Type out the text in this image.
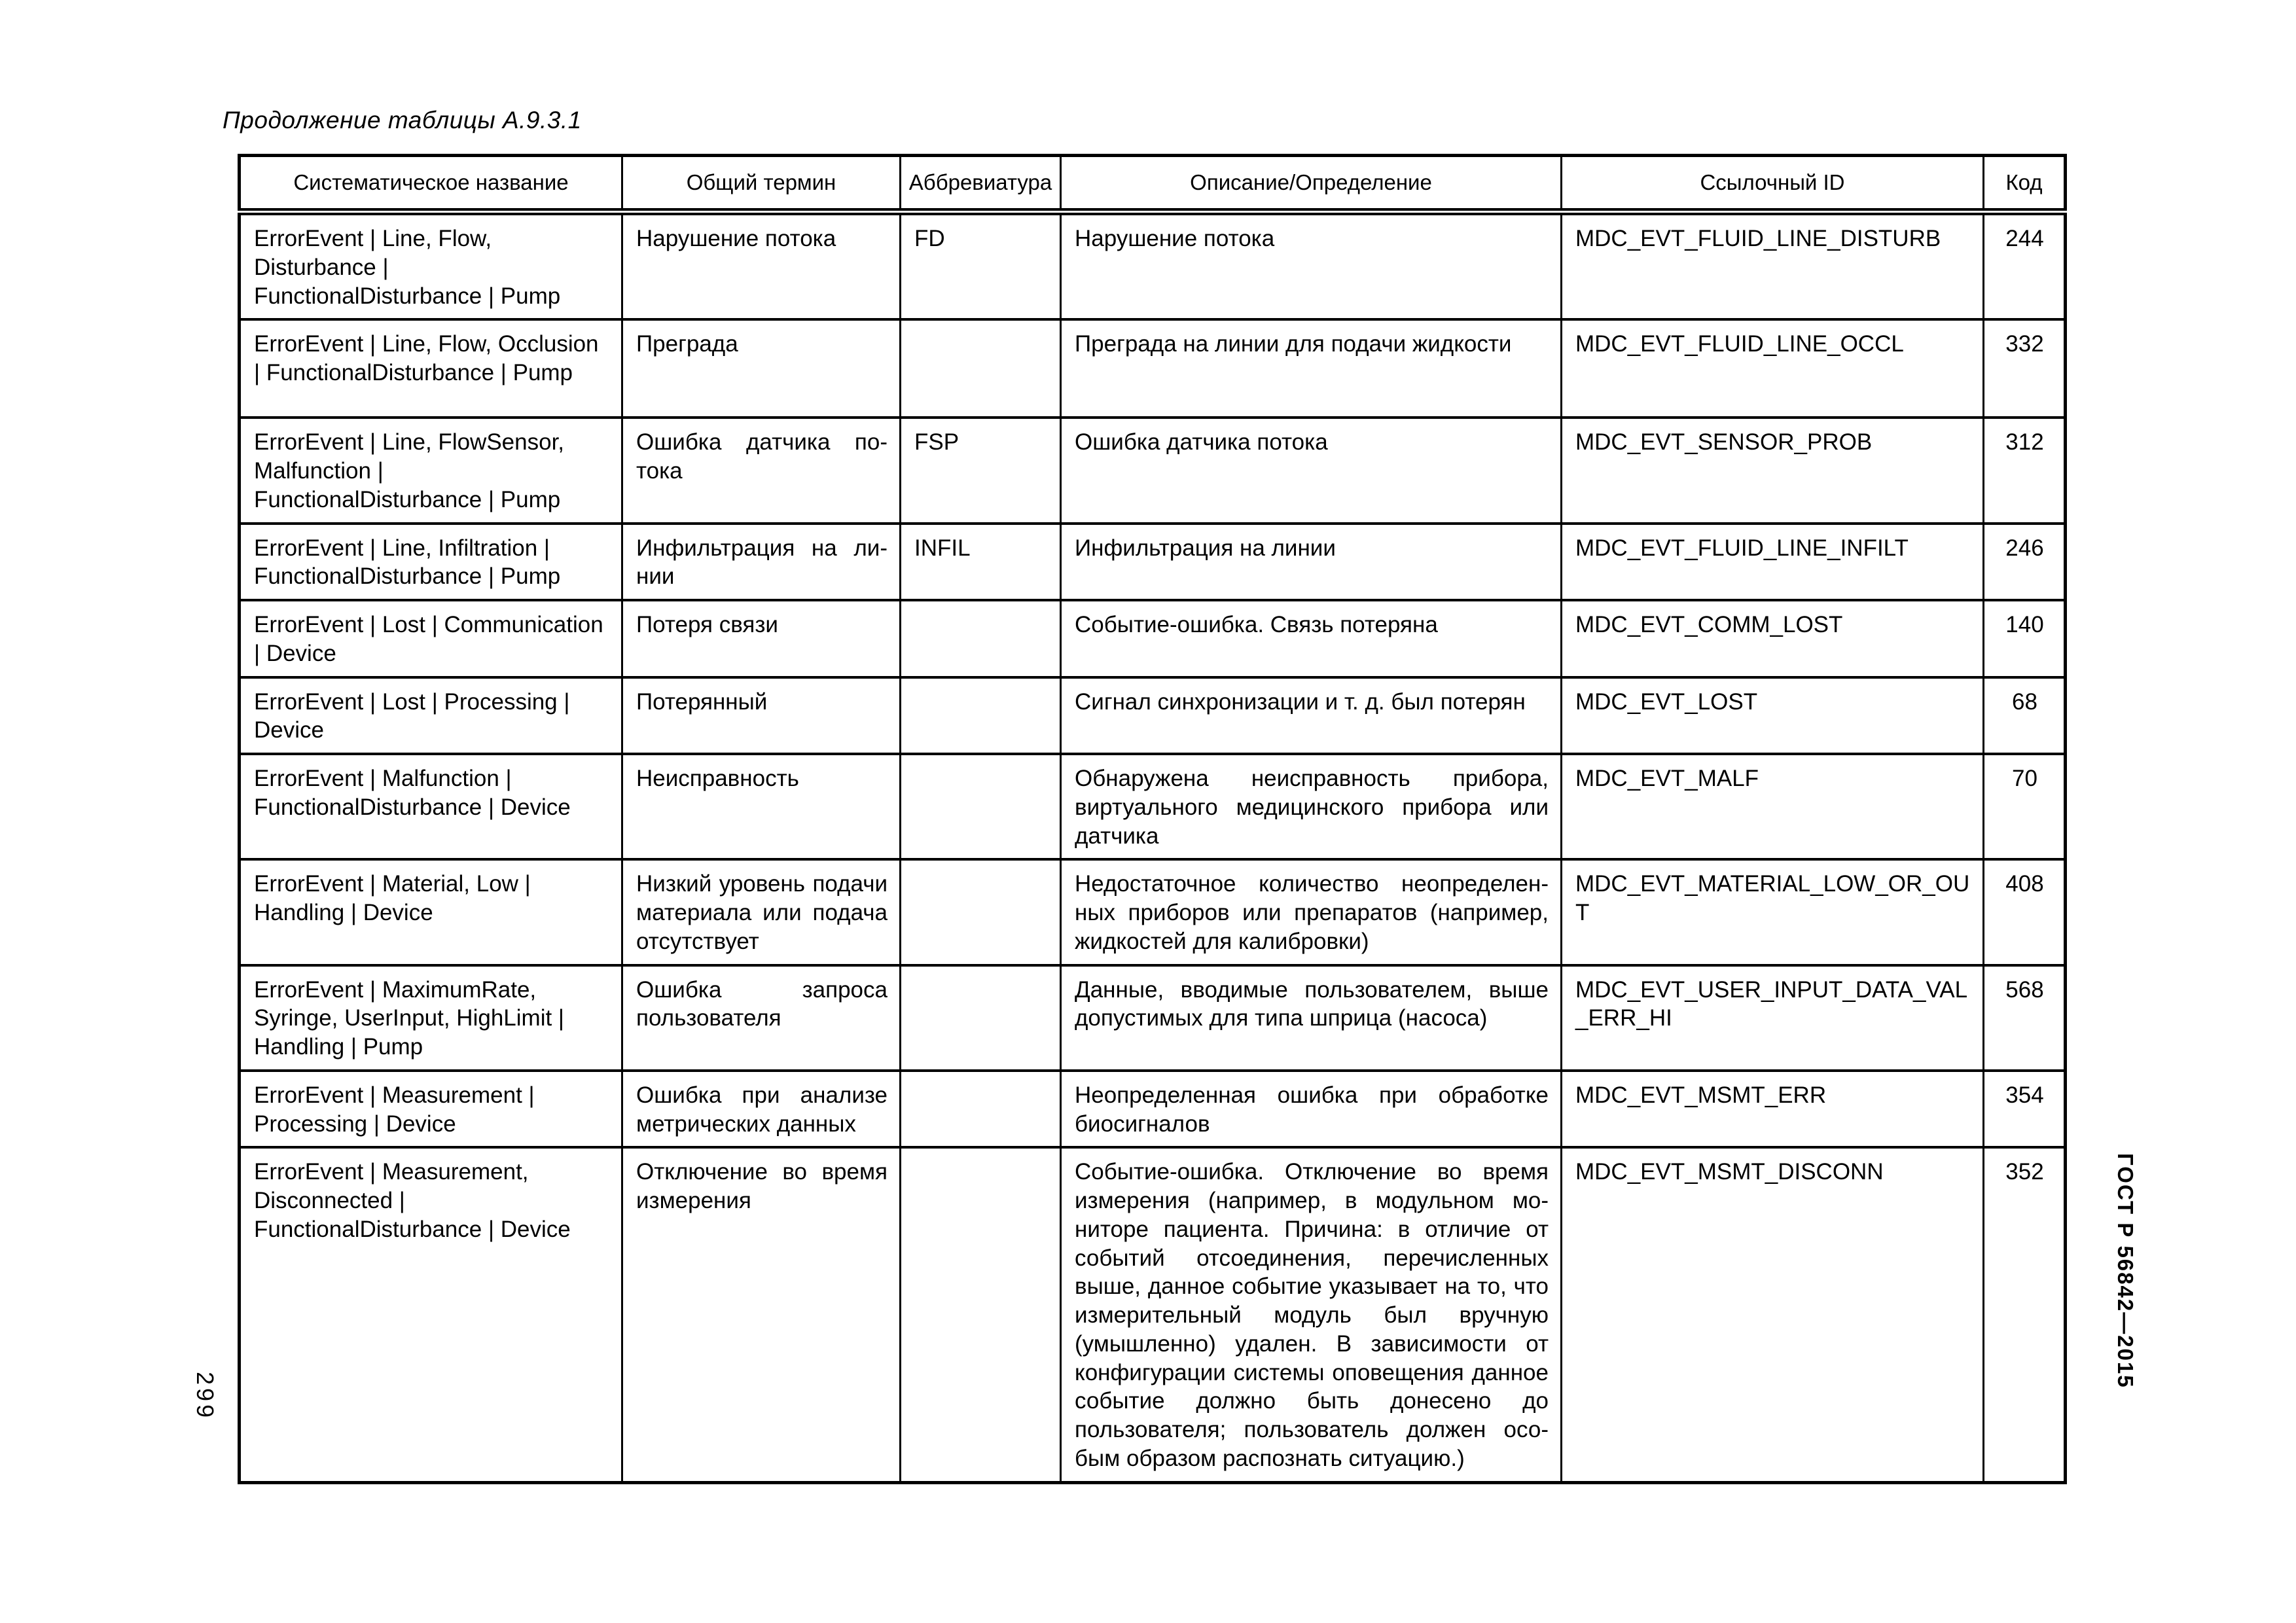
Продолжение таблицы А.9.3.1
Систематическое название	Общий термин	Аббревиатура	Описание/Определение	Ссылочный ID	Код
ErrorEvent | Line, Flow, Disturbance | FunctionalDisturbance | Pump	Нарушение потока	FD	Нарушение потока	MDC_EVT_FLUID_LINE_DISTURB	244
ErrorEvent | Line, Flow, Occlusion | FunctionalDisturbance | Pump	Преграда		Преграда на линии для подачи жидкости	MDC_EVT_FLUID_LINE_OCCL	332
ErrorEvent | Line, FlowSensor, Malfunction | FunctionalDisturbance | Pump	Ошибка датчика потока	FSP	Ошибка датчика потока	MDC_EVT_SENSOR_PROB	312
ErrorEvent | Line, Infiltration | FunctionalDisturbance | Pump	Инфильтрация на линии	INFIL	Инфильтрация на линии	MDC_EVT_FLUID_LINE_INFILT	246
ErrorEvent | Lost | Communication | Device	Потеря связи		Событие-ошибка. Связь потеряна	MDC_EVT_COMM_LOST	140
ErrorEvent | Lost | Processing | Device	Потерянный		Сигнал синхронизации и т. д. был потерян	MDC_EVT_LOST	68
ErrorEvent | Malfunction | FunctionalDisturbance | Device	Неисправность		Обнаружена неисправность прибора, виртуального медицинского прибора или датчика	MDC_EVT_MALF	70
ErrorEvent | Material, Low | Handling | Device	Низкий уровень подачи материала или подача отсутствует		Недостаточное количество неопределенных приборов или препаратов (например, жидкостей для калибровки)	MDC_EVT_MATERIAL_LOW_OR_OUT	408
ErrorEvent | MaximumRate, Syringe, UserInput, HighLimit | Handling | Pump	Ошибка запроса пользователя		Данные, вводимые пользователем, выше допустимых для типа шприца (насоса)	MDC_EVT_USER_INPUT_DATA_VAL_ERR_HI	568
ErrorEvent | Measurement | Processing | Device	Ошибка при анализе метрических данных		Неопределенная ошибка при обработке биосигналов	MDC_EVT_MSMT_ERR	354
ErrorEvent | Measurement, Disconnected | FunctionalDisturbance | Device	Отключение во время измерения		Событие-ошибка. Отключение во время измерения (например, в модульном мониторе пациента. Причина: в отличие от событий отсоединения, перечисленных выше, данное событие указывает на то, что измерительный модуль был вручную (умышленно) удален. В зависимости от конфигурации системы оповещения данное событие должно быть донесено до пользователя; пользователь должен особым образом распознать ситуацию.)	MDC_EVT_MSMT_DISCONN	352	ГОСТ Р 56842—2015
299
